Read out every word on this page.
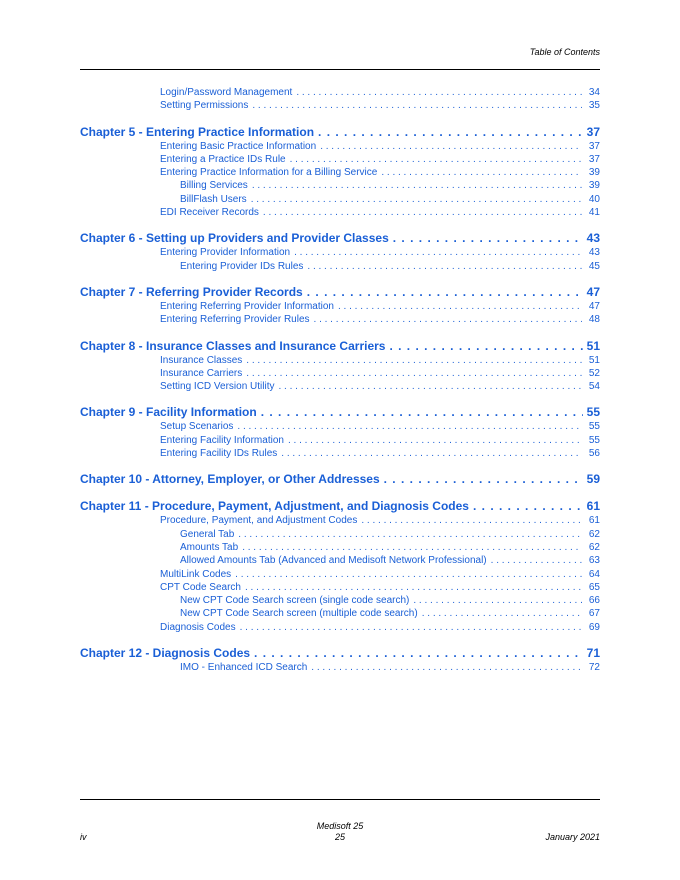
Table of Contents
Login/Password Management . . .	34
Setting Permissions . . .	35
Chapter 5 - Entering Practice Information . . .	37
Entering Basic Practice Information . . .	37
Entering a Practice IDs Rule . . .	37
Entering Practice Information for a Billing Service . . .	39
Billing Services . . .	39
BillFlash Users . . .	40
EDI Receiver Records . . .	41
Chapter 6 - Setting up Providers and Provider Classes . . .	43
Entering Provider Information . . .	43
Entering Provider IDs Rules . . .	45
Chapter 7 - Referring Provider Records . . .	47
Entering Referring Provider Information . . .	47
Entering Referring Provider Rules . . .	48
Chapter 8 - Insurance Classes and Insurance Carriers . . .	51
Insurance Classes . . .	51
Insurance Carriers . . .	52
Setting ICD Version Utility . . .	54
Chapter 9 - Facility Information . . .	55
Setup Scenarios . . .	55
Entering Facility Information . . .	55
Entering Facility IDs Rules . . .	56
Chapter 10 - Attorney, Employer, or Other Addresses . . .	59
Chapter 11 - Procedure, Payment, Adjustment, and Diagnosis Codes . . .	61
Procedure, Payment, and Adjustment Codes . . .	61
General Tab . . .	62
Amounts Tab . . .	62
Allowed Amounts Tab (Advanced and Medisoft Network Professional) . . .	63
MultiLink Codes . . .	64
CPT Code Search . . .	65
New CPT Code Search screen (single code search) . . .	66
New CPT Code Search screen (multiple code search) . . .	67
Diagnosis Codes . . .	69
Chapter 12 - Diagnosis Codes . . .	71
IMO - Enhanced ICD Search . . .	72
Medisoft 25
25
iv	January 2021
